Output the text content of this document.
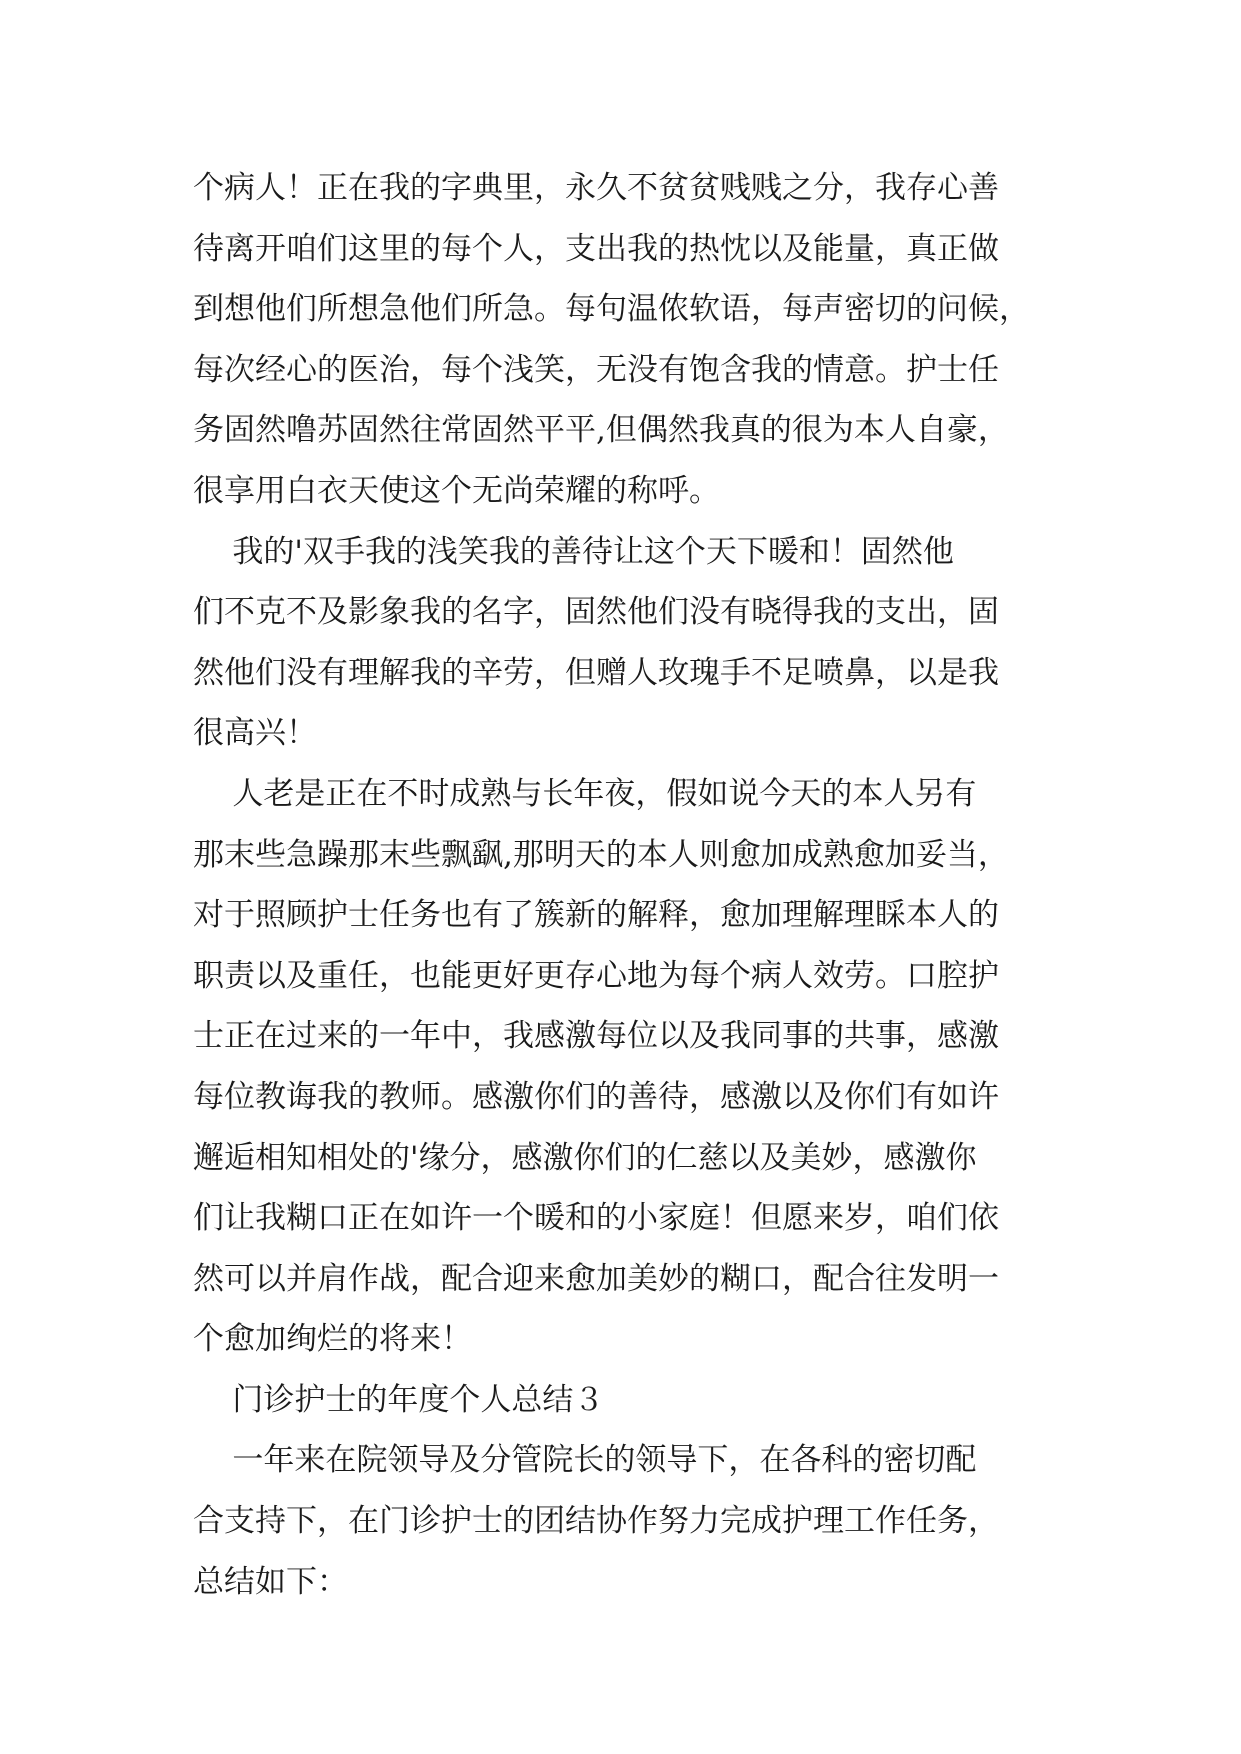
个病人！正在我的字典里，永久不贫贫贱贱之分，我存心善
待离开咱们这里的每个人，支出我的热忱以及能量，真正做
到想他们所想急他们所急。每句温侬软语，每声密切的问候，
每次经心的医治，每个浅笑，无没有饱含我的情意。护士任
务固然噜苏固然往常固然平平,但偶然我真的很为本人自豪，
很享用白衣天使这个无尚荣耀的称呼。
我的'双手我的浅笑我的善待让这个天下暖和！固然他
们不克不及影象我的名字，固然他们没有晓得我的支出，固
然他们没有理解我的辛劳，但赠人玫瑰手不足喷鼻，以是我
很高兴！
人老是正在不时成熟与长年夜，假如说今天的本人另有
那末些急躁那末些飘飖,那明天的本人则愈加成熟愈加妥当，
对于照顾护士任务也有了簇新的解释，愈加理解理睬本人的
职责以及重任，也能更好更存心地为每个病人效劳。口腔护
士正在过来的一年中，我感激每位以及我同事的共事，感激
每位教诲我的教师。感激你们的善待，感激以及你们有如许
邂逅相知相处的'缘分，感激你们的仁慈以及美妙，感激你
们让我糊口正在如许一个暖和的小家庭！但愿来岁，咱们依
然可以并肩作战，配合迎来愈加美妙的糊口，配合往发明一
个愈加绚烂的将来！
门诊护士的年度个人总结３
一年来在院领导及分管院长的领导下，在各科的密切配
合支持下，在门诊护士的团结协作努力完成护理工作任务，
总结如下：
